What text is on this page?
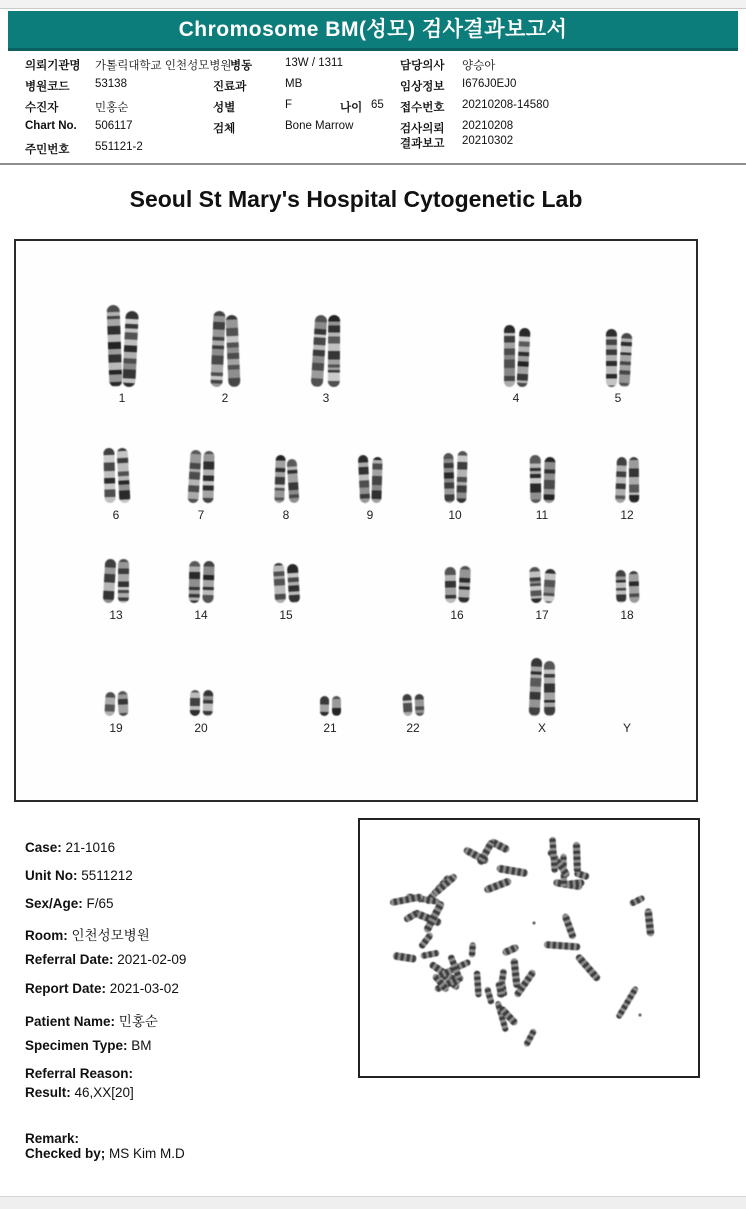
Chromosome BM(성모) 검사결과보고서
의뢰기관명 가톨릭대학교 인천성모병원
병원코드 53138
수진자	민홍순
Chart No. 506117
주민번호 551121-2
병동	13W / 1311
진료과	MB
성별	F	나이 65
검체	Bone Marrow
담당의사 양승아
임상정보 I676J0EJ0
접수번호 20210208-14580
검사의뢰 20210208
결과보고 20210302
Seoul St Mary's Hospital Cytogenetic Lab
1	2	3	4	5
6	7	8	9	10	11	12
13	14	15	16	17	18
19	20	21	22	X	Y
Case: 21-1016
Unit No: 5511212
Sex/Age: F/65
Room: 인천성모병원
Referral Date: 2021-02-09
Report Date: 2021-03-02
Patient Name: 민홍순
Specimen Type: BM
Referral Reason:
Result: 46,XX[20]
Remark:
Checked by; MS Kim M.D
